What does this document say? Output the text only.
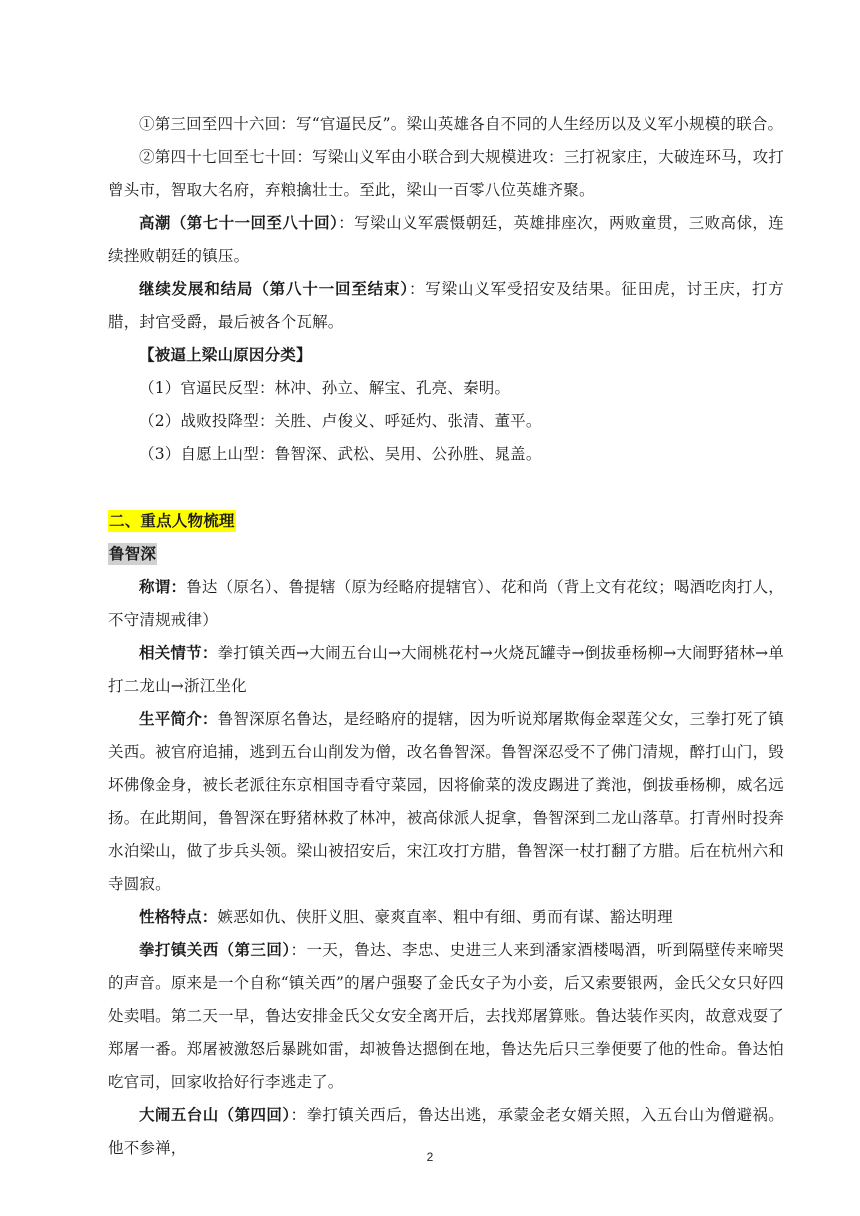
①第三回至四十六回：写“官逼民反”。梁山英雄各自不同的人生经历以及义军小规模的联合。

②第四十七回至七十回：写梁山义军由小联合到大规模进攻：三打祝家庄，大破连环马，攻打曾头市，智取大名府，弃粮擒壮士。至此，梁山一百零八位英雄齐聚。

高潮（第七十一回至八十回）：写梁山义军震慑朝廷，英雄排座次，两败童贯，三败高俅，连续挫败朝廷的镇压。

继续发展和结局（第八十一回至结束）：写梁山义军受招安及结果。征田虎，讨王庆，打方腊，封官受爵，最后被各个瓦解。

【被逼上梁山原因分类】

（1）官逼民反型：林冲、孙立、解宝、孔亮、秦明。

（2）战败投降型：关胜、卢俊义、呼延灼、张清、董平。

（3）自愿上山型：鲁智深、武松、吴用、公孙胜、晁盖。

二、重点人物梳理

鲁智深

称谓：鲁达（原名）、鲁提辖（原为经略府提辖官）、花和尚（背上文有花纹；喝酒吃肉打人，不守清规戒律）

相关情节：拳打镇关西→大闹五台山→大闹桃花村→火烧瓦罐寺→倒拔垂杨柳→大闹野猪林→单打二龙山→浙江坐化

生平简介：鲁智深原名鲁达，是经略府的提辖，因为听说郑屠欺侮金翠莲父女，三拳打死了镇关西。被官府追捕，逃到五台山削发为僧，改名鲁智深。鲁智深忍受不了佛门清规，醉打山门，毁坏佛像金身，被长老派往东京相国寺看守菜园，因将偷菜的泼皮踢进了粪池，倒拔垂杨柳，威名远扬。在此期间，鲁智深在野猪林救了林冲，被高俅派人捉拿，鲁智深到二龙山落草。打青州时投奔水泊梁山，做了步兵头领。梁山被招安后，宋江攻打方腊，鲁智深一杖打翻了方腊。后在杭州六和寺圆寂。

性格特点：嫉恶如仇、侠肝义胆、豪爽直率、粗中有细、勇而有谋、豁达明理

拳打镇关西（第三回）：一天，鲁达、李忠、史进三人来到潘家酒楼喝酒，听到隔壁传来啼哭的声音。原来是一个自称“镇关西”的屠户强娶了金氏女子为小妾，后又索要银两，金氏父女只好四处卖唱。第二天一早，鲁达安排金氏父女安全离开后，去找郑屠算账。鲁达装作买肉，故意戏耍了郑屠一番。郑屠被激怒后暴跳如雷，却被鲁达摁倒在地，鲁达先后只三拳便要了他的性命。鲁达怕吃官司，回家收拾好行李逃走了。

大闹五台山（第四回）：拳打镇关西后，鲁达出逃，承蒙金老女婿关照，入五台山为僧避祸。他不参禅，	2
